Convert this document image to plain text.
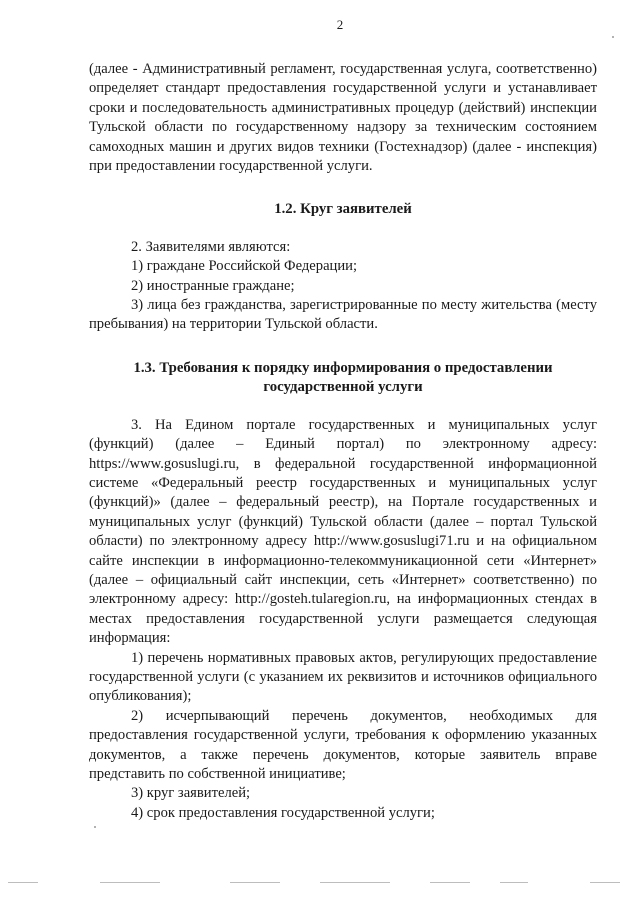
2

(далее - Административный регламент, государственная услуга, соответственно) определяет стандарт предоставления государственной услуги и устанавливает сроки и последовательность административных процедур (действий) инспекции Тульской области по государственному надзору за техническим состоянием самоходных машин и других видов техники (Гостехнадзор) (далее - инспекция) при предоставлении государственной услуги.

1.2. Круг заявителей

2. Заявителями являются:

1) граждане Российской Федерации;

2) иностранные граждане;

3) лица без гражданства, зарегистрированные по месту жительства (месту пребывания) на территории Тульской области.

1.3. Требования к порядку информирования о предоставлении

государственной услуги

3. На Едином портале государственных и муниципальных услуг (функций) (далее – Единый портал) по электронному адресу: https://www.gosuslugi.ru, в федеральной государственной информационной системе «Федеральный реестр государственных и муниципальных услуг (функций)» (далее – федеральный реестр), на Портале государственных и муниципальных услуг (функций) Тульской области (далее – портал Тульской области) по электронному адресу http://www.gosuslugi71.ru и на официальном сайте инспекции в информационно-телекоммуникационной сети «Интернет» (далее – официальный сайт инспекции, сеть «Интернет» соответственно) по электронному адресу: http://gosteh.tularegion.ru, на информационных стендах в местах предоставления государственной услуги размещается следующая информация:

1) перечень нормативных правовых актов, регулирующих предоставление государственной услуги (с указанием их реквизитов и источников официального опубликования);

2) исчерпывающий перечень документов, необходимых для предоставления государственной услуги, требования к оформлению указанных документов, а также перечень документов, которые заявитель вправе представить по собственной инициативе;

3) круг заявителей;

4) срок предоставления государственной услуги;
